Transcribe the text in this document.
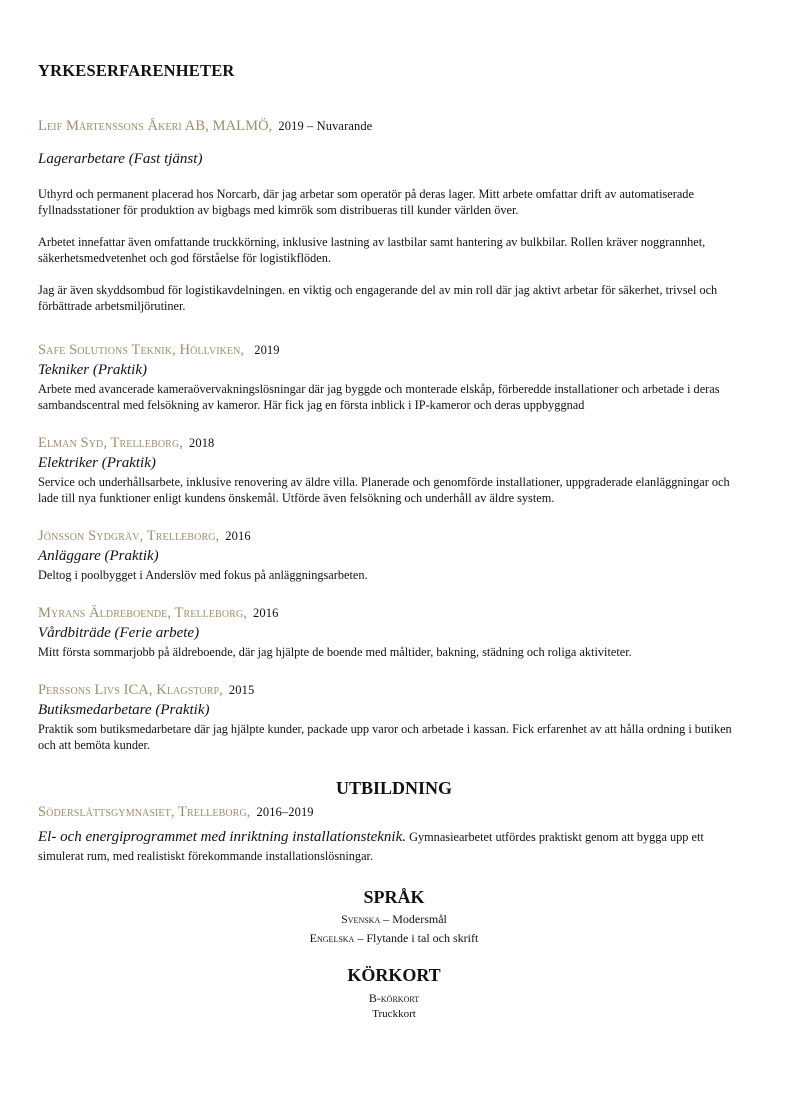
YRKESERFARENHETER
Leif Mårtenssons Åkeri AB, MALMÖ, 2019 – Nuvarande
Lagerarbetare (Fast tjänst)
Uthyrd och permanent placerad hos Norcarb, där jag arbetar som operatör på deras lager. Mitt arbete omfattar drift av automatiserade fyllnadsstationer för produktion av bigbags med kimrök som distribueras till kunder världen över.
Arbetet innefattar även omfattande truckkörning, inklusive lastning av lastbilar samt hantering av bulkbilar. Rollen kräver noggrannhet, säkerhetsmedvetenhet och god förståelse för logistikflöden.
Jag är även skyddsombud för logistikavdelningen. en viktig och engagerande del av min roll där jag aktivt arbetar för säkerhet, trivsel och förbättrade arbetsmiljörutiner.
Safe Solutions Teknik, Höllviken, 2019
Tekniker (Praktik)
Arbete med avancerade kameraövervakningslösningar där jag byggde och monterade elskåp, förberedde installationer och arbetade i deras sambandscentral med felsökning av kameror. Här fick jag en första inblick i IP-kameror och deras uppbyggnad
Elman Syd, Trelleborg, 2018
Elektriker (Praktik)
Service och underhållsarbete, inklusive renovering av äldre villa. Planerade och genomförde installationer, uppgraderade elanläggningar och lade till nya funktioner enligt kundens önskemål. Utförde även felsökning och underhåll av äldre system.
Jönsson Sydgräv, Trelleborg, 2016
Anläggare (Praktik)
Deltog i poolbygget i Anderslöv med fokus på anläggningsarbeten.
Myrans Äldreboende, Trelleborg, 2016
Vårdbiträde (Ferie arbete)
Mitt första sommarjobb på äldreboende, där jag hjälpte de boende med måltider, bakning, städning och roliga aktiviteter.
Perssons Livs ICA, Klagstorp, 2015
Butiksmedarbetare (Praktik)
Praktik som butiksmedarbetare där jag hjälpte kunder, packade upp varor och arbetade i kassan. Fick erfarenhet av att hålla ordning i butiken och att bemöta kunder.
UTBILDNING
Söderslättsgymnasiet, Trelleborg, 2016–2019
El- och energiprogrammet med inriktning installationsteknik. Gymnasiearbetet utfördes praktiskt genom att bygga upp ett simulerat rum, med realistiskt förekommande installationslösningar.
SPRÅK
Svenska – Modersmål
Engelska – Flytande i tal och skrift
KÖRKORT
B-körkort
Truckkort
